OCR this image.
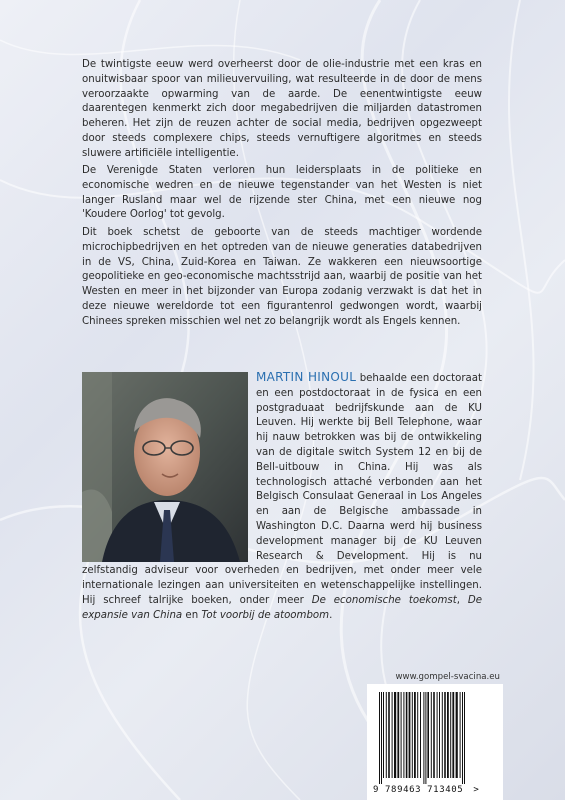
De twintigste eeuw werd overheerst door de olie-industrie met een kras en onuitwisbaar spoor van milieuvervuiling, wat resulteerde in de door de mens veroorzaakte opwarming van de aarde. De eenentwintigste eeuw daarentegen kenmerkt zich door megabedrijven die miljarden datastromen beheren. Het zijn de reuzen achter de social media, bedrijven opgezweept door steeds complexere chips, steeds vernuftigere algoritmes en steeds sluwere artificiële intelligentie.

De Verenigde Staten verloren hun leidersplaats in de politieke en economische wedren en de nieuwe tegenstander van het Westen is niet langer Rusland maar wel de rijzende ster China, met een nieuwe nog 'Koudere Oorlog' tot gevolg.

Dit boek schetst de geboorte van de steeds machtiger wordende microchipbedrijven en het optreden van de nieuwe generaties databedrijven in de VS, China, Zuid-Korea en Taiwan. Ze wakkeren een nieuwsoortige geopolitieke en geo-economische machtsstrijd aan, waarbij de positie van het Westen en meer in het bijzonder van Europa zodanig verzwakt is dat het in deze nieuwe wereldorde tot een figurantenrol gedwongen wordt, waarbij Chinees spreken misschien wel net zo belangrijk wordt als Engels kennen.

MARTIN HINOUL behaalde een doctoraat en een postdoctoraat in de fysica en een postgraduaat bedrijfskunde aan de KU Leuven. Hij werkte bij Bell Telephone, waar hij nauw betrokken was bij de ontwikkeling van de digitale switch System 12 en bij de Bell-uitbouw in China. Hij was als technologisch attaché verbonden aan het Belgisch Consulaat Generaal in Los Angeles en aan de Belgische ambassade in Washington D.C. Daarna werd hij business development manager bij de KU Leuven Research & Development. Hij is nu zelfstandig adviseur voor overheden en bedrijven, met onder meer vele internationale lezingen aan universiteiten en wetenschappelijke instellingen. Hij schreef talrijke boeken, onder meer De economische toekomst, De expansie van China en Tot voorbij de atoombom.

www.gompel-svacina.eu
9 789463 713405 >
